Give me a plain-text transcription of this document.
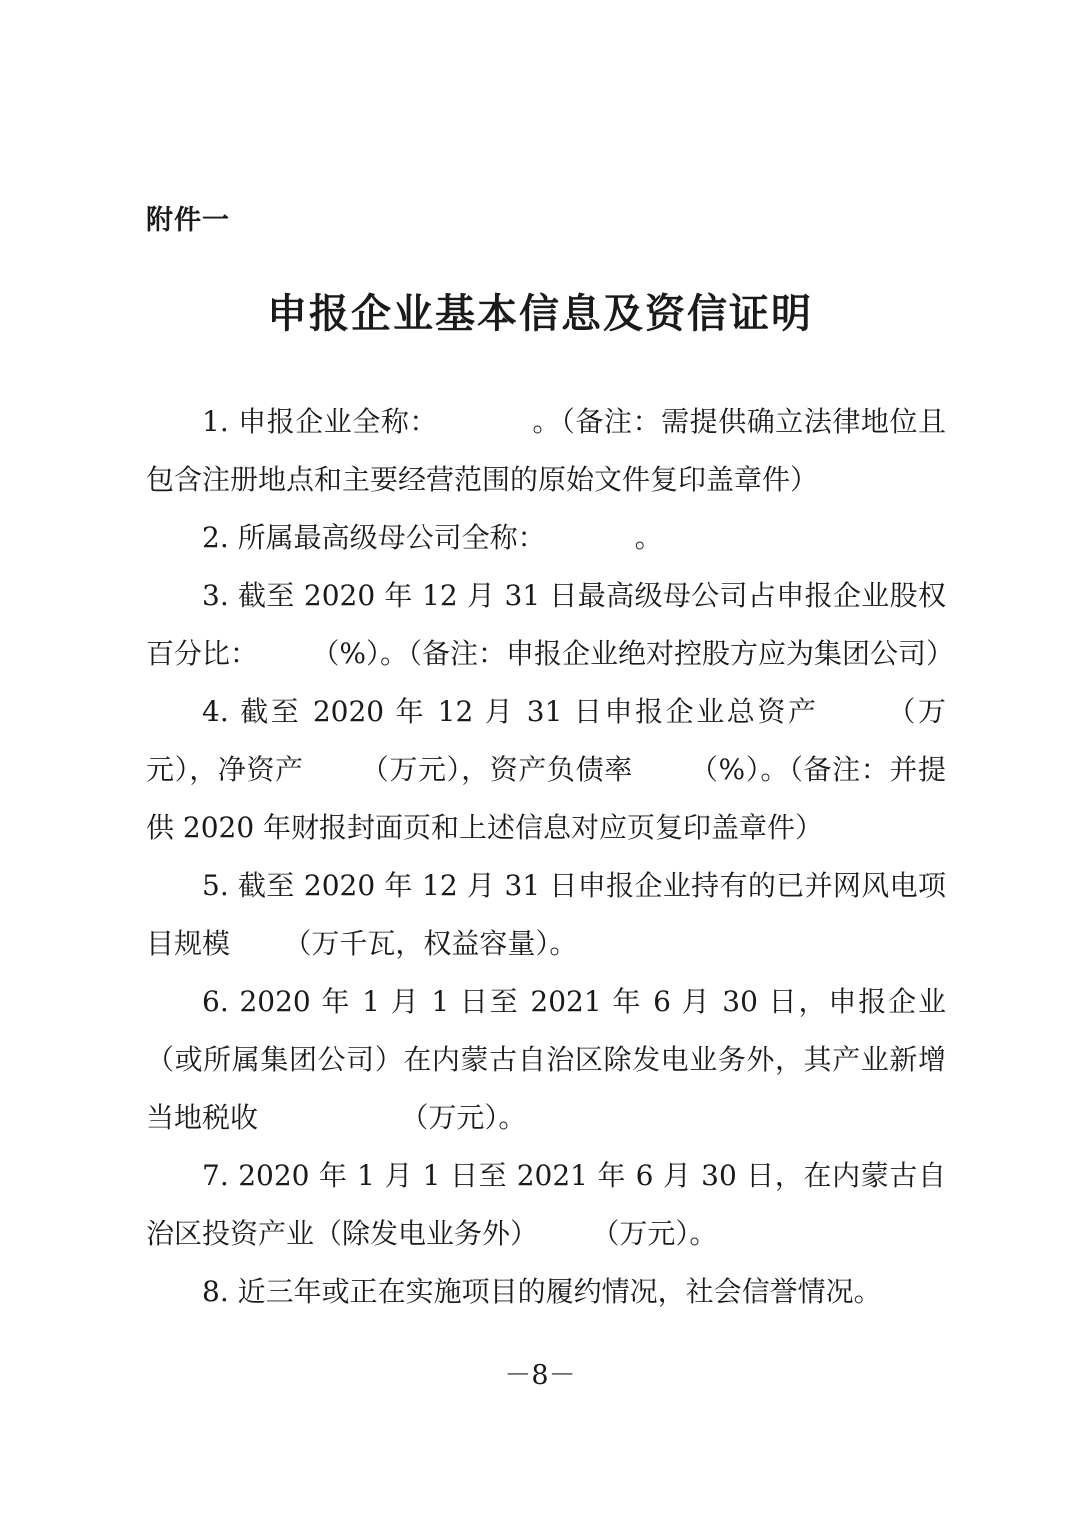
附件一
申报企业基本信息及资信证明

1. 申报企业全称：          。（备注：需提供确立法律地位且包含注册地点和主要经营范围的原始文件复印盖章件）

2. 所属最高级母公司全称：          。

3. 截至 2020 年 12 月 31 日最高级母公司占申报企业股权百分比：      （%）。（备注：申报企业绝对控股方应为集团公司）

4. 截至 2020 年 12 月 31 日申报企业总资产      （万元），净资产      （万元），资产负债率      （%）。（备注：并提供 2020 年财报封面页和上述信息对应页复印盖章件）

5. 截至 2020 年 12 月 31 日申报企业持有的已并网风电项目规模      （万千瓦，权益容量）。

6. 2020 年 1 月 1 日至 2021 年 6 月 30 日，申报企业（或所属集团公司）在内蒙古自治区除发电业务外，其产业新增当地税收                （万元）。

7. 2020 年 1 月 1 日至 2021 年 6 月 30 日，在内蒙古自治区投资产业（除发电业务外）      （万元）。

8. 近三年或正在实施项目的履约情况，社会信誉情况。

－8－
